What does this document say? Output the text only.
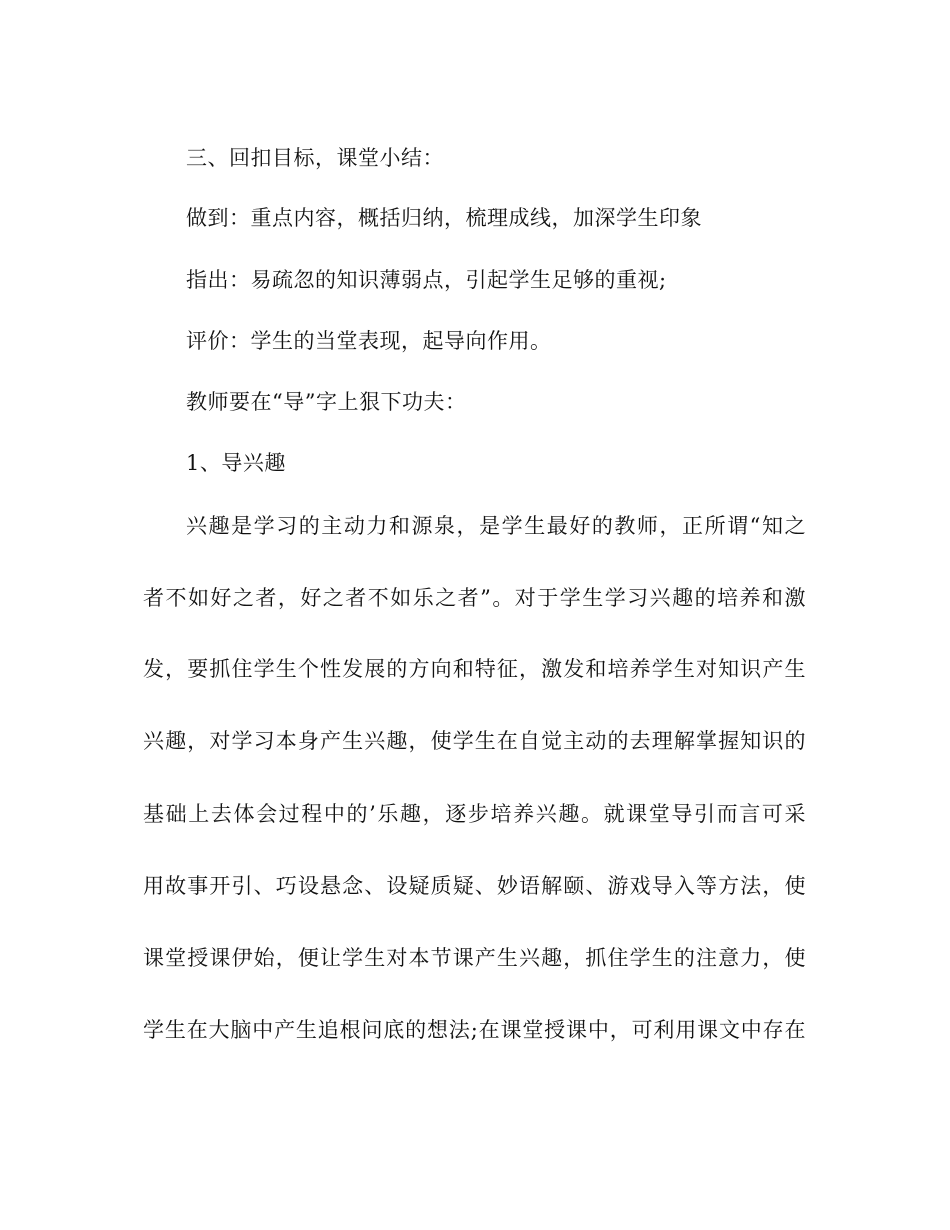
三、回扣目标，课堂小结：
做到：重点内容，概括归纳，梳理成线，加深学生印象
指出：易疏忽的知识薄弱点，引起学生足够的重视;
评价：学生的当堂表现，起导向作用。
教师要在“导”字上狠下功夫：
1、导兴趣
兴趣是学习的主动力和源泉，是学生最好的教师，正所谓“知之
者不如好之者，好之者不如乐之者”。对于学生学习兴趣的培养和激
发，要抓住学生个性发展的方向和特征，激发和培养学生对知识产生
兴趣，对学习本身产生兴趣，使学生在自觉主动的去理解掌握知识的
基础上去体会过程中的’乐趣，逐步培养兴趣。就课堂导引而言可采
用故事开引、巧设悬念、设疑质疑、妙语解颐、游戏导入等方法，使
课堂授课伊始，便让学生对本节课产生兴趣，抓住学生的注意力，使
学生在大脑中产生追根问底的想法;在课堂授课中，可利用课文中存在
